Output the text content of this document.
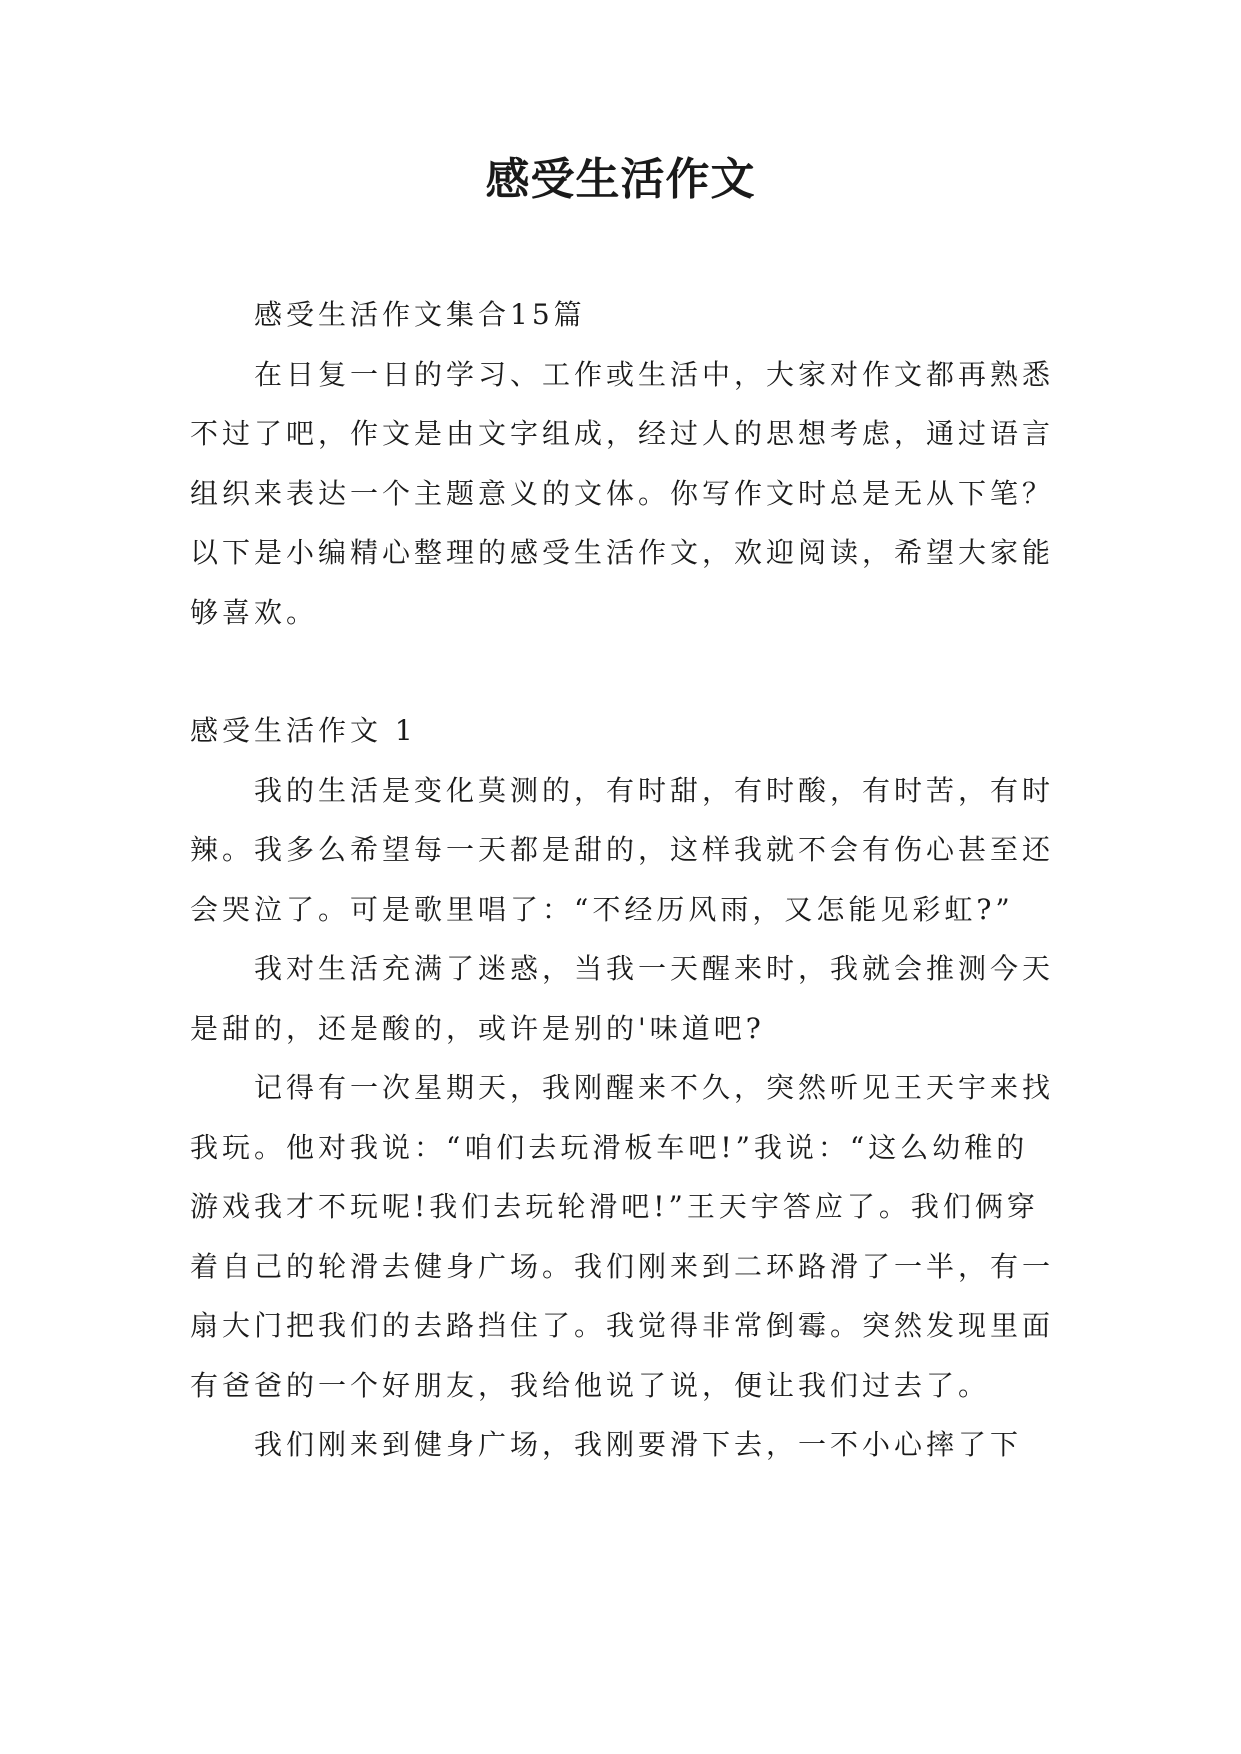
感受生活作文

感受生活作文集合15篇

在日复一日的学习、工作或生活中，大家对作文都再熟悉不过了吧，作文是由文字组成，经过人的思想考虑，通过语言组织来表达一个主题意义的文体。你写作文时总是无从下笔？以下是小编精心整理的感受生活作文，欢迎阅读，希望大家能够喜欢。

感受生活作文 1

我的生活是变化莫测的，有时甜，有时酸，有时苦，有时辣。我多么希望每一天都是甜的，这样我就不会有伤心甚至还会哭泣了。可是歌里唱了：“不经历风雨，又怎能见彩虹?”

我对生活充满了迷惑，当我一天醒来时，我就会推测今天是甜的，还是酸的，或许是别的'味道吧?

记得有一次星期天，我刚醒来不久，突然听见王天宇来找我玩。他对我说：“咱们去玩滑板车吧!”我说：“这么幼稚的游戏我才不玩呢!我们去玩轮滑吧!”王天宇答应了。我们俩穿着自己的轮滑去健身广场。我们刚来到二环路滑了一半，有一扇大门把我们的去路挡住了。我觉得非常倒霉。突然发现里面有爸爸的一个好朋友，我给他说了说，便让我们过去了。

我们刚来到健身广场，我刚要滑下去，一不小心摔了下
